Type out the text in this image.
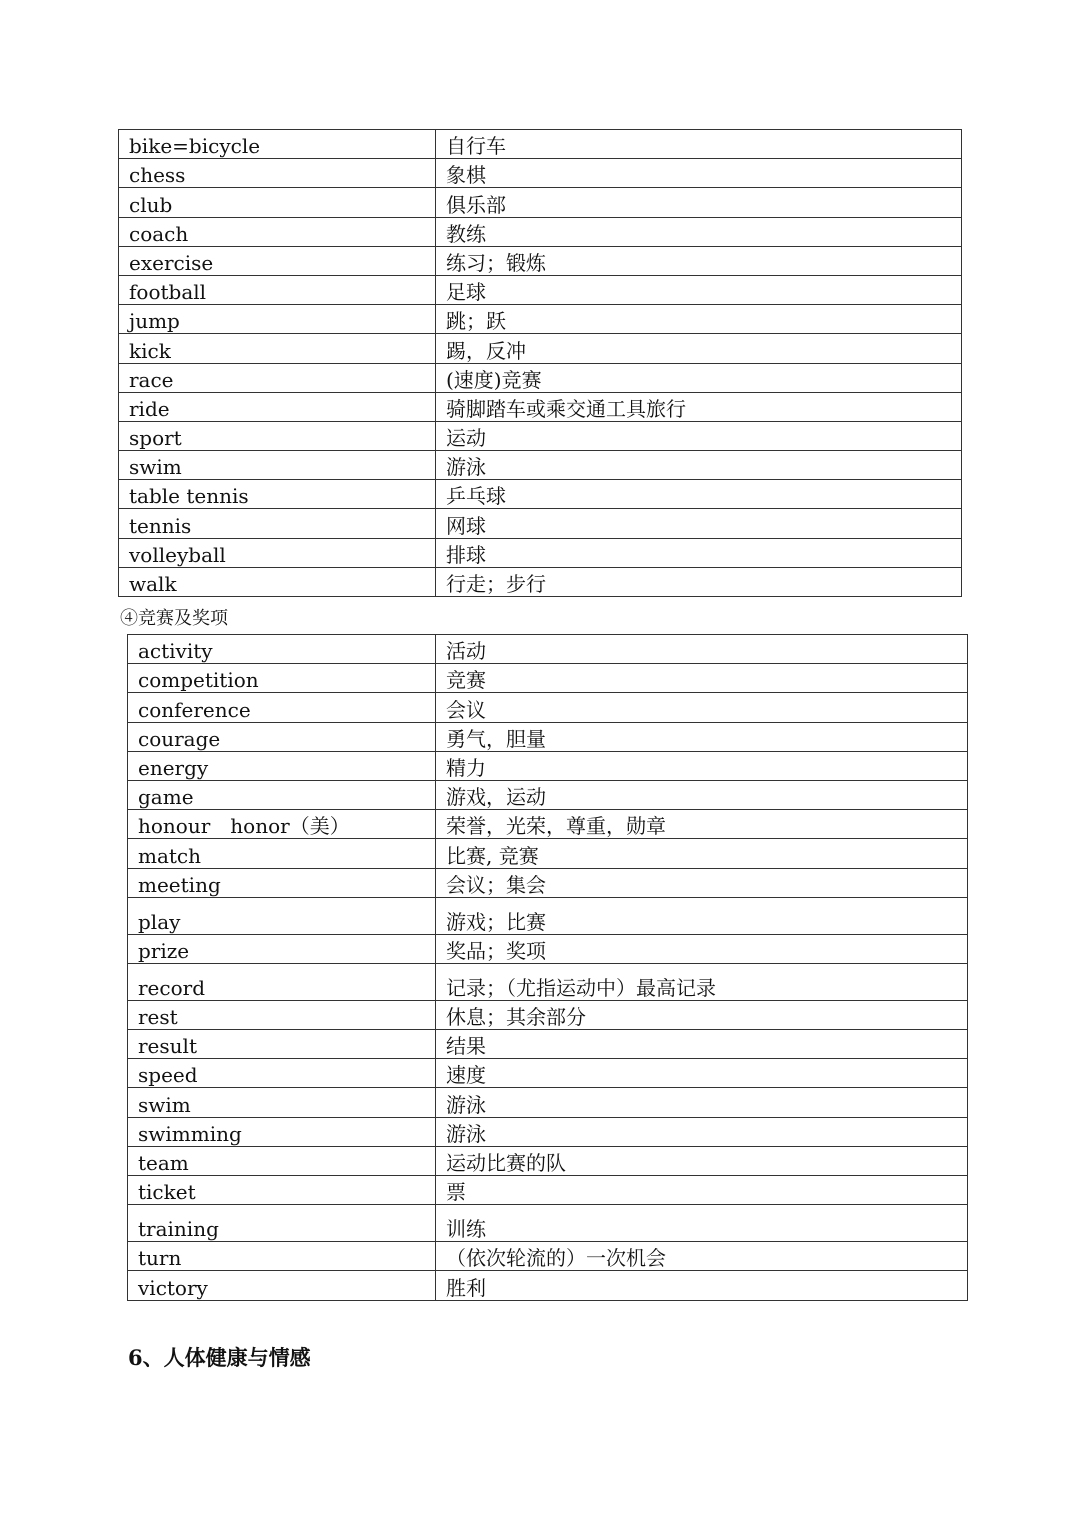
bike=bicycle	自行车
chess	象棋
club	俱乐部
coach	教练
exercise	练习；锻炼
football	足球
jump	跳；跃
kick	踢，反冲
race	(速度)竞赛
ride	骑脚踏车或乘交通工具旅行
sport	运动
swim	游泳
table tennis	乒乓球
tennis	网球
volleyball	排球
walk	行走；步行
④竞赛及奖项
activity	活动
competition	竞赛
conference	会议
courage	勇气，胆量
energy	精力
game	游戏，运动
honour　honor（美）	荣誉，光荣，尊重，勋章
match	比赛, 竞赛
meeting	会议；集会
play	游戏；比赛
prize	奖品；奖项
record	记录；（尤指运动中）最高记录
rest	休息；其余部分
result	结果
speed	速度
swim	游泳
swimming	游泳
team	运动比赛的队
ticket	票
training	训练
turn	（依次轮流的）一次机会
victory	胜利
6、人体健康与情感
